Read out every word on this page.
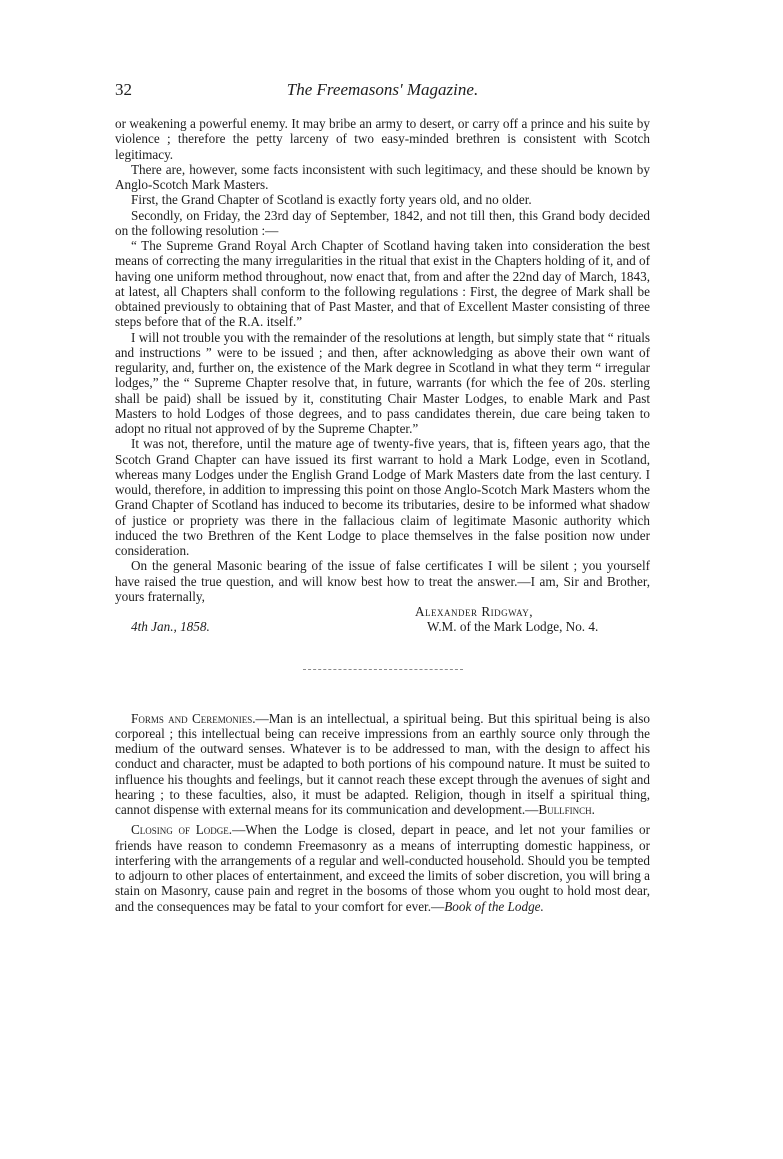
32	The Freemasons' Magazine.

or weakening a powerful enemy. It may bribe an army to desert, or carry off a prince and his suite by violence ; therefore the petty larceny of two easy-minded brethren is consistent with Scotch legitimacy.

There are, however, some facts inconsistent with such legitimacy, and these should be known by Anglo-Scotch Mark Masters.

First, the Grand Chapter of Scotland is exactly forty years old, and no older.

Secondly, on Friday, the 23rd day of September, 1842, and not till then, this Grand body decided on the following resolution :—

“ The Supreme Grand Royal Arch Chapter of Scotland having taken into consideration the best means of correcting the many irregularities in the ritual that exist in the Chapters holding of it, and of having one uniform method throughout, now enact that, from and after the 22nd day of March, 1843, at latest, all Chapters shall conform to the following regulations : First, the degree of Mark shall be obtained previously to obtaining that of Past Master, and that of Excellent Master consisting of three steps before that of the R.A. itself.”

I will not trouble you with the remainder of the resolutions at length, but simply state that “ rituals and instructions ” were to be issued ; and then, after acknowledging as above their own want of regularity, and, further on, the existence of the Mark degree in Scotland in what they term “ irregular lodges,” the “ Supreme Chapter resolve that, in future, warrants (for which the fee of 20s. sterling shall be paid) shall be issued by it, constituting Chair Master Lodges, to enable Mark and Past Masters to hold Lodges of those degrees, and to pass candidates therein, due care being taken to adopt no ritual not approved of by the Supreme Chapter.”

It was not, therefore, until the mature age of twenty-five years, that is, fifteen years ago, that the Scotch Grand Chapter can have issued its first warrant to hold a Mark Lodge, even in Scotland, whereas many Lodges under the English Grand Lodge of Mark Masters date from the last century. I would, therefore, in addition to impressing this point on those Anglo-Scotch Mark Masters whom the Grand Chapter of Scotland has induced to become its tributaries, desire to be informed what shadow of justice or propriety was there in the fallacious claim of legitimate Masonic authority which induced the two Brethren of the Kent Lodge to place themselves in the false position now under consideration.

On the general Masonic bearing of the issue of false certificates I will be silent ; you yourself have raised the true question, and will know best how to treat the answer.—I am, Sir and Brother, yours fraternally,

Alexander Ridgway,
4th Jan., 1858.	W.M. of the Mark Lodge, No. 4.

Forms and Ceremonies.—Man is an intellectual, a spiritual being. But this spiritual being is also corporeal ; this intellectual being can receive impressions from an earthly source only through the medium of the outward senses. Whatever is to be addressed to man, with the design to affect his conduct and character, must be adapted to both portions of his compound nature. It must be suited to influence his thoughts and feelings, but it cannot reach these except through the avenues of sight and hearing ; to these faculties, also, it must be adapted. Religion, though in itself a spiritual thing, cannot dispense with external means for its communication and development.—Bullfinch.

Closing of Lodge.—When the Lodge is closed, depart in peace, and let not your families or friends have reason to condemn Freemasonry as a means of interrupting domestic happiness, or interfering with the arrangements of a regular and well-conducted household. Should you be tempted to adjourn to other places of entertainment, and exceed the limits of sober discretion, you will bring a stain on Masonry, cause pain and regret in the bosoms of those whom you ought to hold most dear, and the consequences may be fatal to your comfort for ever.—Book of the Lodge.
